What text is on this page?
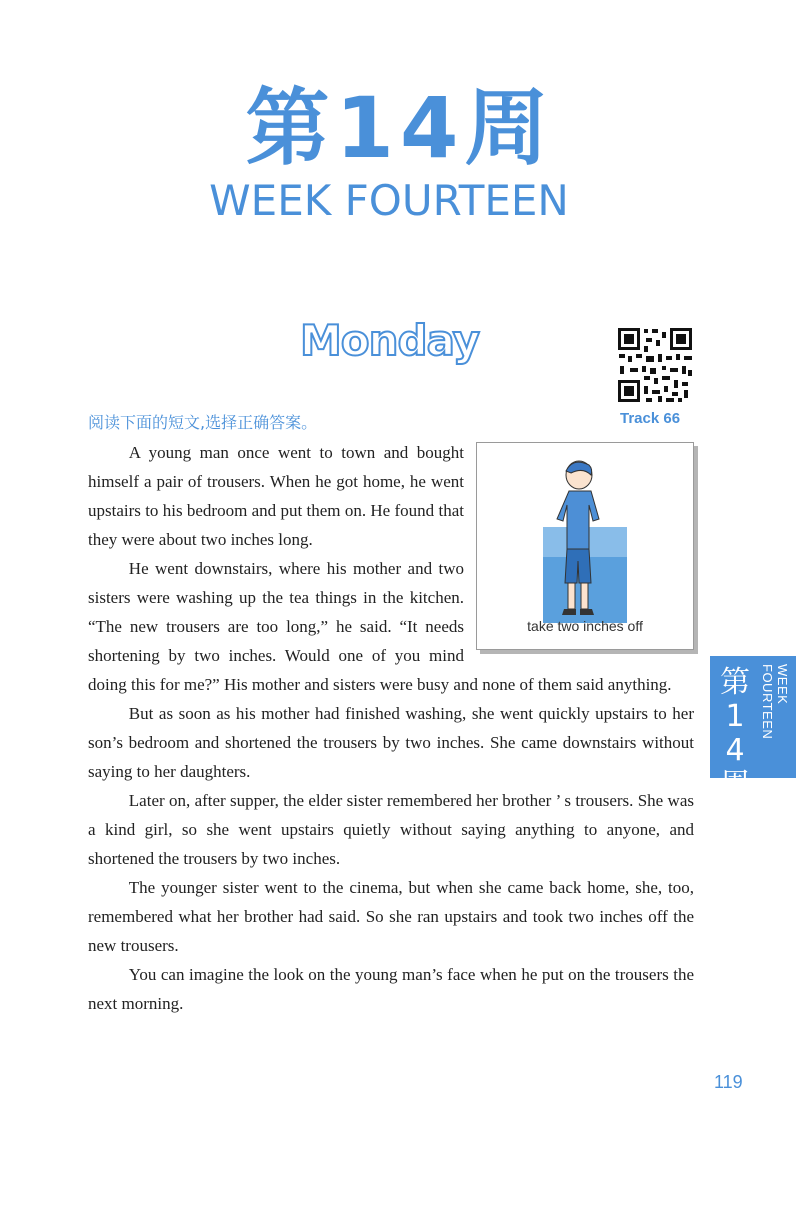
第14周
WEEK FOURTEEN
Monday
Track 66
阅读下面的短文,选择正确答案。
take two inches off

A young man once went to town and bought himself a pair of trousers. When he got home, he went upstairs to his bedroom and put them on. He found that they were about two inches long.

He went downstairs, where his mother and two sisters were washing up the tea things in the kitchen. “The new trousers are too long,” he said. “It needs shortening by two inches. Would one of you mind doing this for me?” His mother and sisters were busy and none of them said anything.

But as soon as his mother had finished washing, she went quickly upstairs to her son’s bedroom and shortened the trousers by two inches. She came downstairs without saying to her daughters.

Later on, after supper, the elder sister remembered her brother ’ s trousers. She was a kind girl, so she went upstairs quietly without saying anything to anyone, and shortened the trousers by two inches.

The younger sister went to the cinema, but when she came back home, she, too, remembered what her brother had said. So she ran upstairs and took two inches off the new trousers.

You can imagine the look on the young man’s face when he put on the trousers the next morning.

第14周
WEEK FOURTEEN
119
